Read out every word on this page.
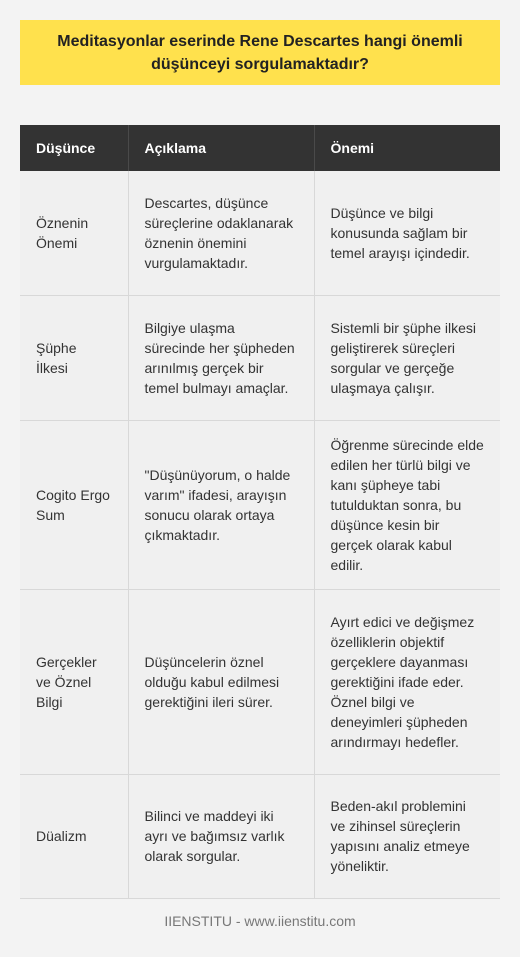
Meditasyonlar eserinde Rene Descartes hangi önemli düşünceyi sorgulamaktadır?
Düşünce	Açıklama	Önemi
Öznenin Önemi	Descartes, düşünce süreçlerine odaklanarak öznenin önemini vurgulamaktadır.	Düşünce ve bilgi konusunda sağlam bir temel arayışı içindedir.
Şüphe İlkesi	Bilgiye ulaşma sürecinde her şüpheden arınılmış gerçek bir temel bulmayı amaçlar.	Sistemli bir şüphe ilkesi geliştirerek süreçleri sorgular ve gerçeğe ulaşmaya çalışır.
Cogito Ergo Sum	"Düşünüyorum, o halde varım" ifadesi, arayışın sonucu olarak ortaya çıkmaktadır.	Öğrenme sürecinde elde edilen her türlü bilgi ve kanı şüpheye tabi tutulduktan sonra, bu düşünce kesin bir gerçek olarak kabul edilir.
Gerçekler ve Öznel Bilgi	Düşüncelerin öznel olduğu kabul edilmesi gerektiğini ileri sürer.	Ayırt edici ve değişmez özelliklerin objektif gerçeklere dayanması gerektiğini ifade eder. Öznel bilgi ve deneyimleri şüpheden arındırmayı hedefler.
Düalizm	Bilinci ve maddeyi iki ayrı ve bağımsız varlık olarak sorgular.	Beden-akıl problemini ve zihinsel süreçlerin yapısını analiz etmeye yöneliktir.
IIENSTITU - www.iienstitu.com
